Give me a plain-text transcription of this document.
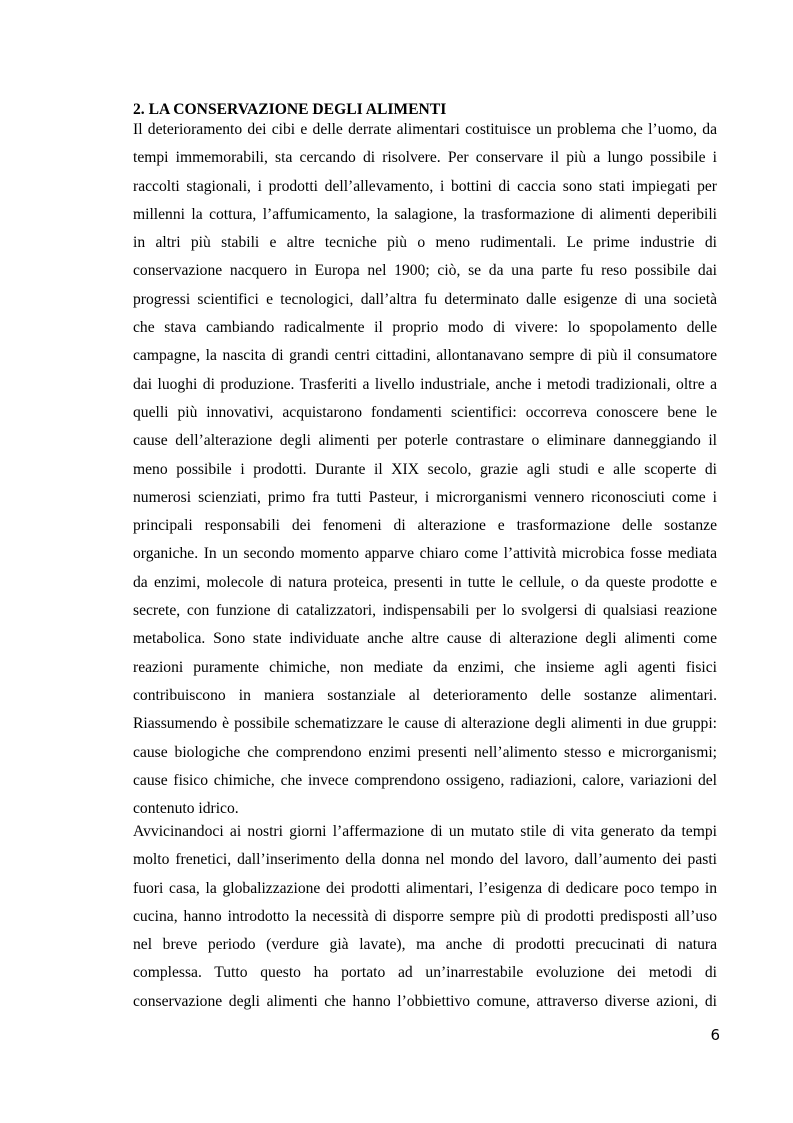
2. LA CONSERVAZIONE DEGLI ALIMENTI
Il deterioramento dei cibi e delle derrate alimentari costituisce un problema che l’uomo, da
tempi immemorabili, sta cercando di risolvere. Per conservare il più a lungo possibile i
raccolti stagionali, i prodotti dell’allevamento, i bottini di caccia sono stati impiegati per
millenni la cottura, l’affumicamento, la salagione, la trasformazione di alimenti deperibili
in altri più stabili e altre tecniche più o meno rudimentali. Le prime industrie di
conservazione nacquero in Europa nel 1900; ciò, se da una parte fu reso possibile dai
progressi scientifici e tecnologici, dall’altra fu determinato dalle esigenze di una società
che stava cambiando radicalmente il proprio modo di vivere: lo spopolamento delle
campagne, la nascita di grandi centri cittadini, allontanavano sempre di più il consumatore
dai luoghi di produzione. Trasferiti a livello industriale, anche i metodi tradizionali, oltre a
quelli più innovativi, acquistarono fondamenti scientifici: occorreva conoscere bene le
cause dell’alterazione degli alimenti per poterle contrastare o eliminare danneggiando il
meno possibile i prodotti. Durante il XIX secolo, grazie agli studi e alle scoperte di
numerosi scienziati, primo fra tutti Pasteur, i microrganismi vennero riconosciuti come i
principali responsabili dei fenomeni di alterazione e trasformazione delle sostanze
organiche. In un secondo momento apparve chiaro come l’attività microbica fosse mediata
da enzimi, molecole di natura proteica, presenti in tutte le cellule, o da queste prodotte e
secrete, con funzione di catalizzatori, indispensabili per lo svolgersi di qualsiasi reazione
metabolica. Sono state individuate anche altre cause di alterazione degli alimenti come
reazioni puramente chimiche, non mediate da enzimi, che insieme agli agenti fisici
contribuiscono in maniera sostanziale al deterioramento delle sostanze alimentari.
Riassumendo è possibile schematizzare le cause di alterazione degli alimenti in due gruppi:
cause biologiche che comprendono enzimi presenti nell’alimento stesso e microrganismi;
cause fisico chimiche, che invece comprendono ossigeno, radiazioni, calore, variazioni del
contenuto idrico.
Avvicinandoci ai nostri giorni l’affermazione di un mutato stile di vita generato da tempi
molto frenetici, dall’inserimento della donna nel mondo del lavoro, dall’aumento dei pasti
fuori casa, la globalizzazione dei prodotti alimentari, l’esigenza di dedicare poco tempo in
cucina, hanno introdotto la necessità di disporre sempre più di prodotti predisposti all’uso
nel breve periodo (verdure già lavate), ma anche di prodotti precucinati di natura
complessa. Tutto questo ha portato ad un’inarrestabile evoluzione dei metodi di
conservazione degli alimenti che hanno l’obbiettivo comune, attraverso diverse azioni, di
6
